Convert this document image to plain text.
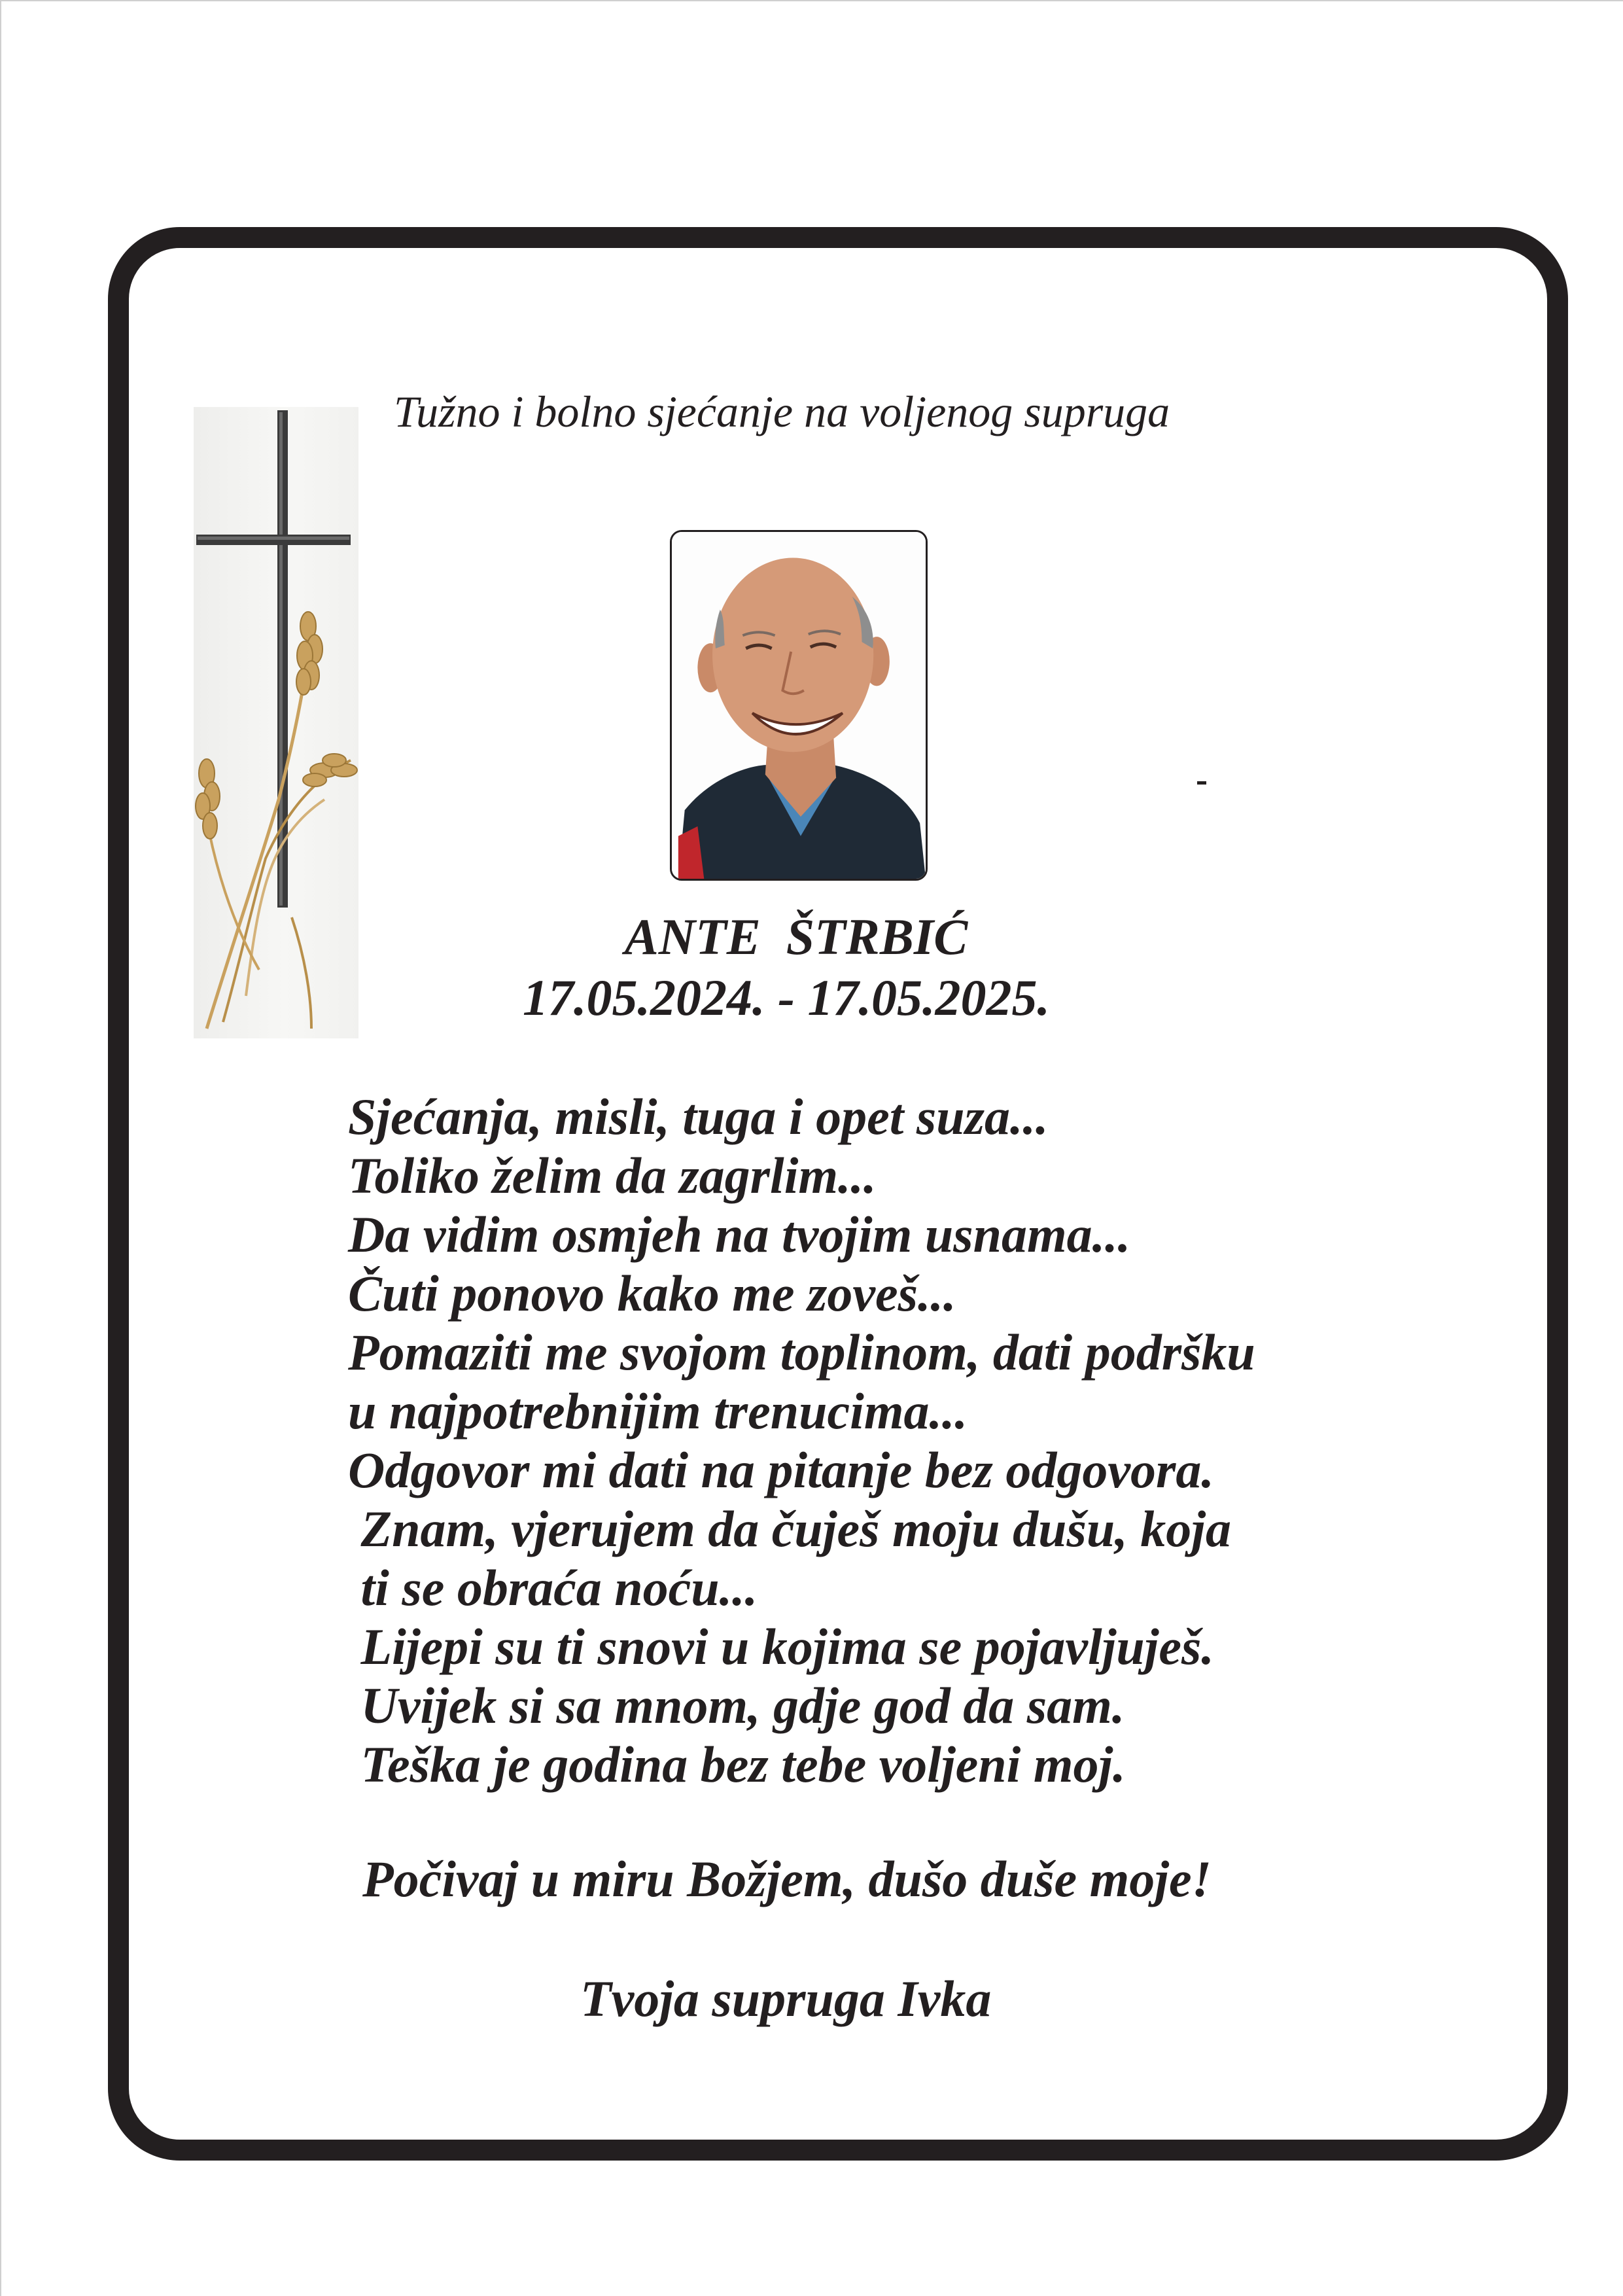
Tužno i bolno sjećanje na voljenog supruga
ANTE  ŠTRBIĆ
17.05.2024. - 17.05.2025.
Sjećanja, misli, tuga i opet suza...
Toliko želim da zagrlim...
Da vidim osmjeh na tvojim usnama...
Čuti ponovo kako me zoveš...
Pomaziti me svojom toplinom, dati podršku
u najpotrebnijim trenucima...
Odgovor mi dati na pitanje bez odgovora.
Znam, vjerujem da čuješ moju dušu, koja
ti se obraća noću...
Lijepi su ti snovi u kojima se pojavljuješ.
Uvijek si sa mnom, gdje god da sam.
Teška je godina bez tebe voljeni moj.
Počivaj u miru Božjem, dušo duše moje!
Tvoja supruga Ivka
